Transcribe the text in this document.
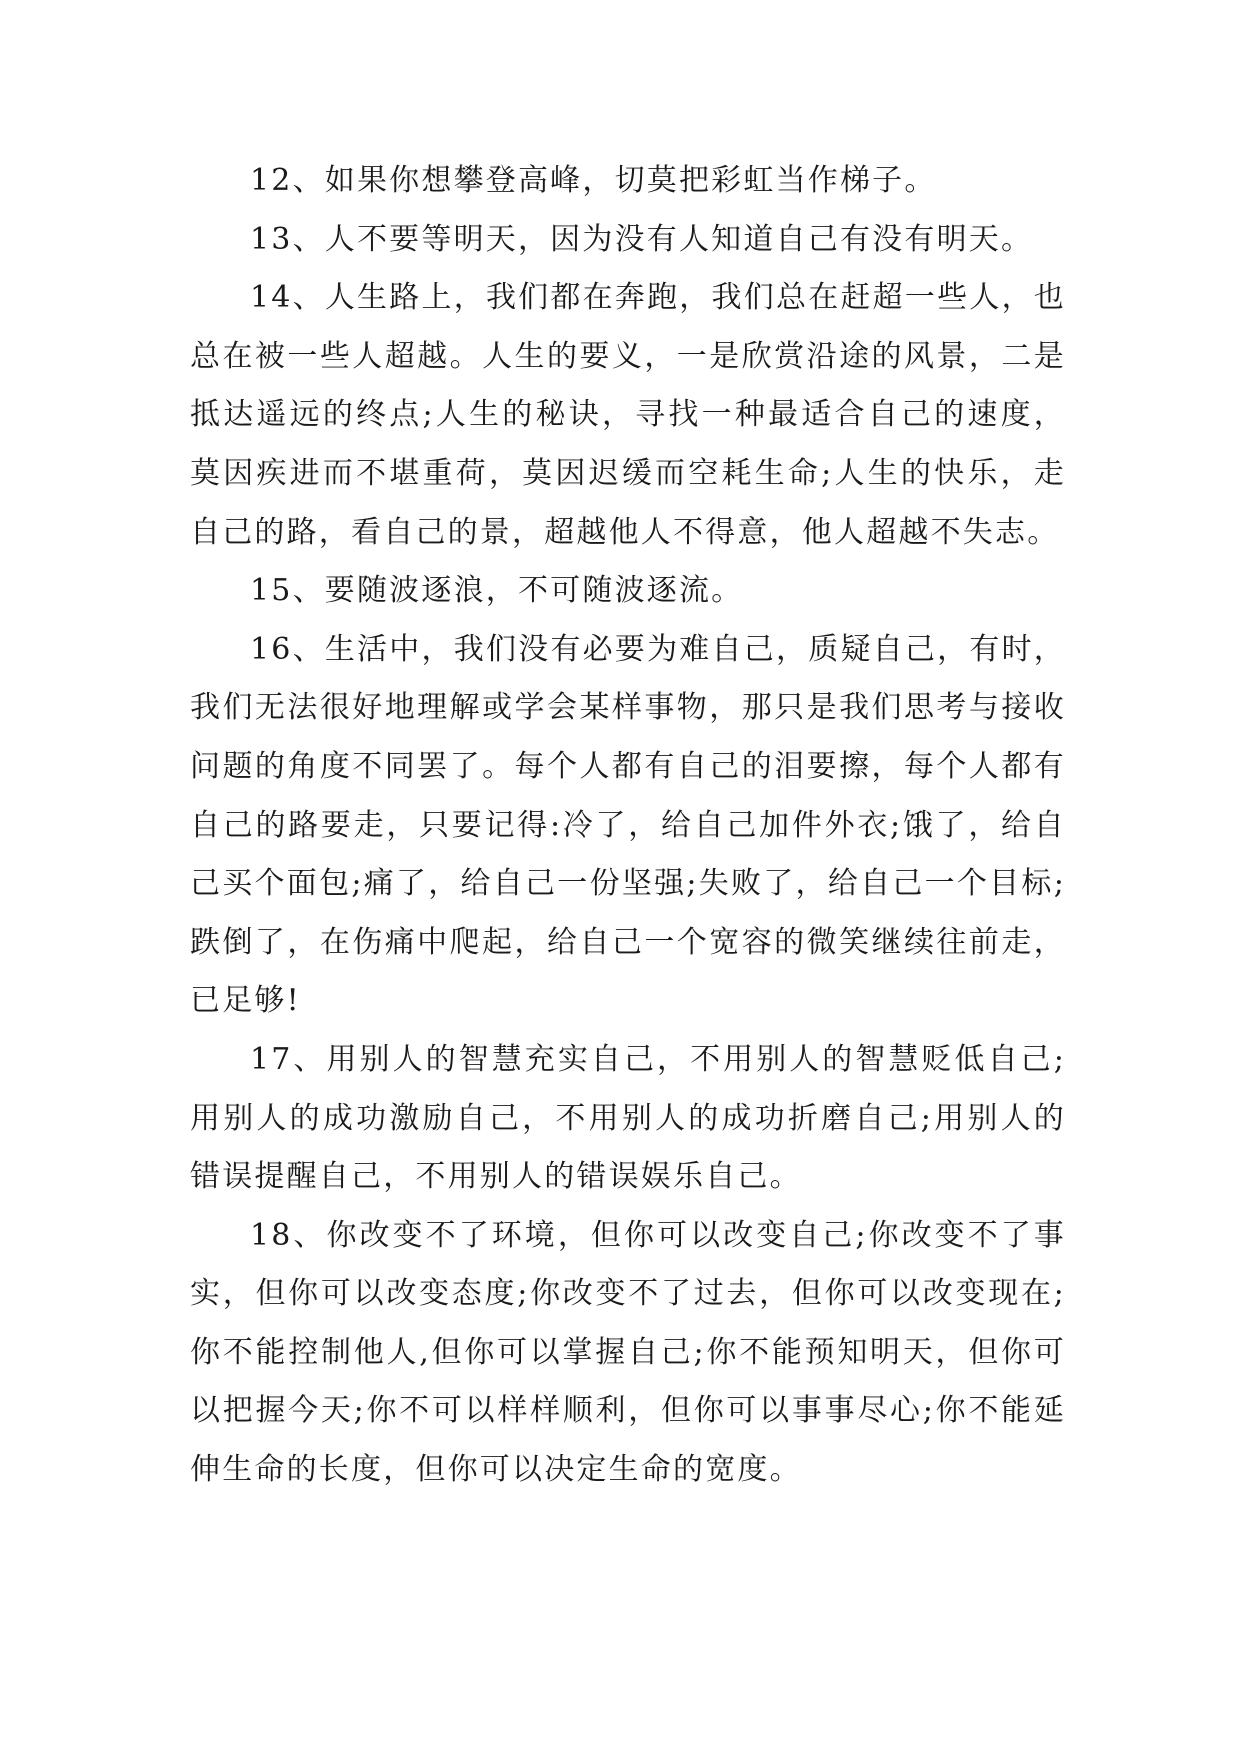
12、如果你想攀登高峰，切莫把彩虹当作梯子。

13、人不要等明天，因为没有人知道自己有没有明天。

14、人生路上，我们都在奔跑，我们总在赶超一些人，也总在被一些人超越。人生的要义，一是欣赏沿途的风景，二是抵达遥远的终点;人生的秘诀，寻找一种最适合自己的速度，莫因疾进而不堪重荷，莫因迟缓而空耗生命;人生的快乐，走自己的路，看自己的景，超越他人不得意，他人超越不失志。

15、要随波逐浪，不可随波逐流。

16、生活中，我们没有必要为难自己，质疑自己，有时，我们无法很好地理解或学会某样事物，那只是我们思考与接收问题的角度不同罢了。每个人都有自己的泪要擦，每个人都有自己的路要走，只要记得:冷了，给自己加件外衣;饿了，给自己买个面包;痛了，给自己一份坚强;失败了，给自己一个目标;跌倒了，在伤痛中爬起，给自己一个宽容的微笑继续往前走，已足够!

17、用别人的智慧充实自己，不用别人的智慧贬低自己;用别人的成功激励自己，不用别人的成功折磨自己;用别人的错误提醒自己，不用别人的错误娱乐自己。

18、你改变不了环境，但你可以改变自己;你改变不了事实，但你可以改变态度;你改变不了过去，但你可以改变现在;你不能控制他人,但你可以掌握自己;你不能预知明天，但你可以把握今天;你不可以样样顺利，但你可以事事尽心;你不能延伸生命的长度，但你可以决定生命的宽度。
